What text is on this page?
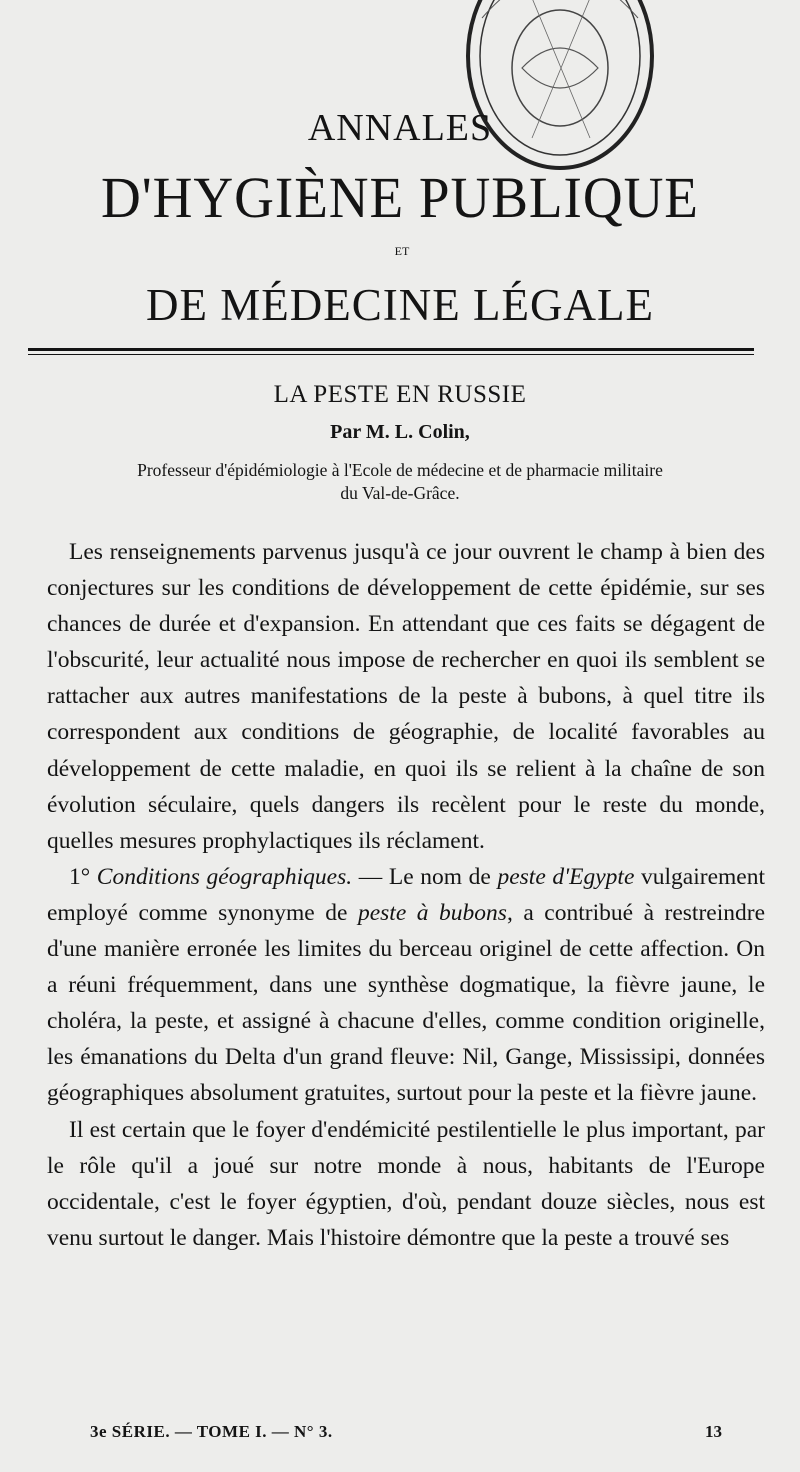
ANNALES
D'HYGIÈNE PUBLIQUE
ET
DE MÉDECINE LÉGALE
LA PESTE EN RUSSIE
Par M. L. Colin,
Professeur d'épidémiologie à l'Ecole de médecine et de pharmacie militaire
du Val-de-Grâce.

Les renseignements parvenus jusqu'à ce jour ouvrent le champ à bien des conjectures sur les conditions de développement de cette épidémie, sur ses chances de durée et d'expansion. En attendant que ces faits se dégagent de l'obscurité, leur actualité nous impose de rechercher en quoi ils semblent se rattacher aux autres manifestations de la peste à bubons, à quel titre ils correspondent aux conditions de géographie, de localité favorables au développement de cette maladie, en quoi ils se relient à la chaîne de son évolution séculaire, quels dangers ils recèlent pour le reste du monde, quelles mesures prophylactiques ils réclament.

1° Conditions géographiques. — Le nom de peste d'Egypte vulgairement employé comme synonyme de peste à bubons, a contribué à restreindre d'une manière erronée les limites du berceau originel de cette affection. On a réuni fréquemment, dans une synthèse dogmatique, la fièvre jaune, le choléra, la peste, et assigné à chacune d'elles, comme condition originelle, les émanations du Delta d'un grand fleuve: Nil, Gange, Mississipi, données géographiques absolument gratuites, surtout pour la peste et la fièvre jaune.

Il est certain que le foyer d'endémicité pestilentielle le plus important, par le rôle qu'il a joué sur notre monde à nous, habitants de l'Europe occidentale, c'est le foyer égyptien, d'où, pendant douze siècles, nous est venu surtout le danger. Mais l'histoire démontre que la peste a trouvé ses

3e SÉRIE. — TOME I. — N° 3.	13
